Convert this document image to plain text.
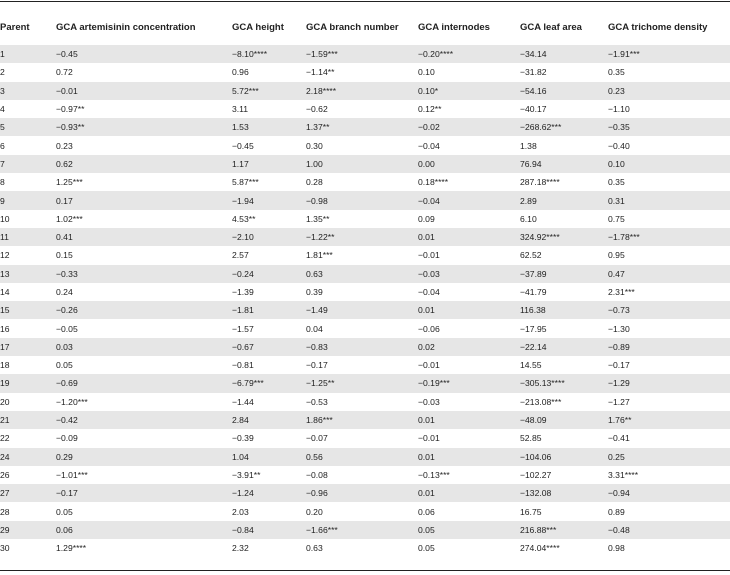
Parent	GCA artemisinin concentration	GCA height	GCA branch number	GCA internodes	GCA leaf area	GCA trichome density
1	−0.45	−8.10****	−1.59***	−0.20****	−34.14	−1.91***
2	0.72	0.96	−1.14**	0.10	−31.82	0.35
3	−0.01	5.72***	2.18****	0.10*	−54.16	0.23
4	−0.97**	3.11	−0.62	0.12**	−40.17	−1.10
5	−0.93**	1.53	1.37**	−0.02	−268.62***	−0.35
6	0.23	−0.45	0.30	−0.04	1.38	−0.40
7	0.62	1.17	1.00	0.00	76.94	0.10
8	1.25***	5.87***	0.28	0.18****	287.18****	0.35
9	0.17	−1.94	−0.98	−0.04	2.89	0.31
10	1.02***	4.53**	1.35**	0.09	6.10	0.75
11	0.41	−2.10	−1.22**	0.01	324.92****	−1.78***
12	0.15	2.57	1.81***	−0.01	62.52	0.95
13	−0.33	−0.24	0.63	−0.03	−37.89	0.47
14	0.24	−1.39	0.39	−0.04	−41.79	2.31***
15	−0.26	−1.81	−1.49	0.01	116.38	−0.73
16	−0.05	−1.57	0.04	−0.06	−17.95	−1.30
17	0.03	−0.67	−0.83	0.02	−22.14	−0.89
18	0.05	−0.81	−0.17	−0.01	14.55	−0.17
19	−0.69	−6.79***	−1.25**	−0.19***	−305.13****	−1.29
20	−1.20***	−1.44	−0.53	−0.03	−213.08***	−1.27
21	−0.42	2.84	1.86***	0.01	−48.09	1.76**
22	−0.09	−0.39	−0.07	−0.01	52.85	−0.41
24	0.29	1.04	0.56	0.01	−104.06	0.25
26	−1.01***	−3.91**	−0.08	−0.13***	−102.27	3.31****
27	−0.17	−1.24	−0.96	0.01	−132.08	−0.94
28	0.05	2.03	0.20	0.06	16.75	0.89
29	0.06	−0.84	−1.66***	0.05	216.88***	−0.48
30	1.29****	2.32	0.63	0.05	274.04****	0.98
